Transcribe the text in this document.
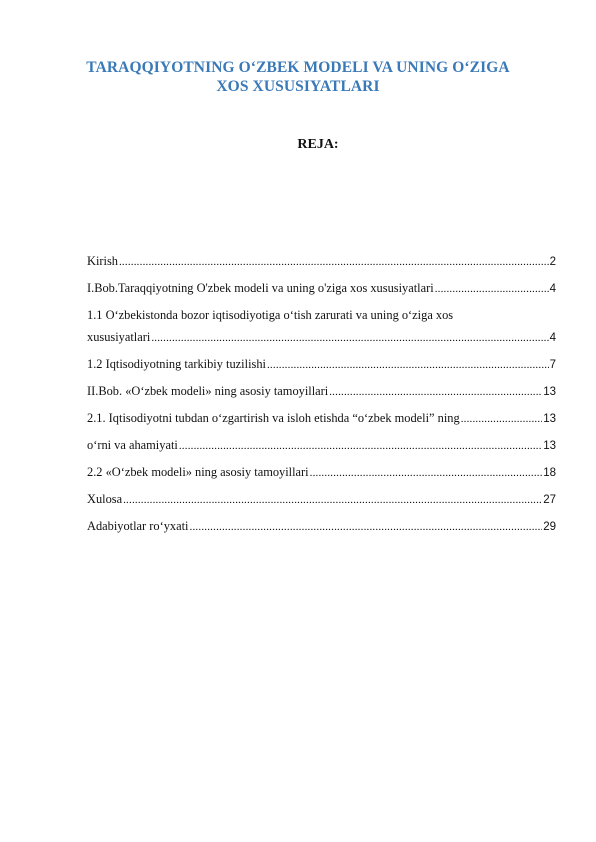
TARAQQIYOTNING O‘ZBEK MODELI VA UNING O‘ZIGA
XOS XUSUSIYATLARI
REJA:
Kirish .....	2
I.Bob.Taraqqiyotning O'zbek modeli va uning o'ziga xos xususiyatlari .....	4
1.1 O‘zbekistonda bozor iqtisodiyotiga o‘tish zarurati va uning o‘ziga xos
xususiyatlari .....	4
1.2 Iqtisodiyotning tarkibiy tuzilishi .....	7
II.Bob. «O‘zbek modeli» ning asosiy tamoyillari .....	13
2.1. Iqtisodiyotni tubdan o‘zgartirish va isloh etishda “o‘zbek modeli” ning .....	13
o‘rni va ahamiyati .....	13
2.2 «O‘zbek modeli» ning asosiy tamoyillari .....	18
Xulosa .....	27
Adabiyotlar ro‘yxati .....	29
